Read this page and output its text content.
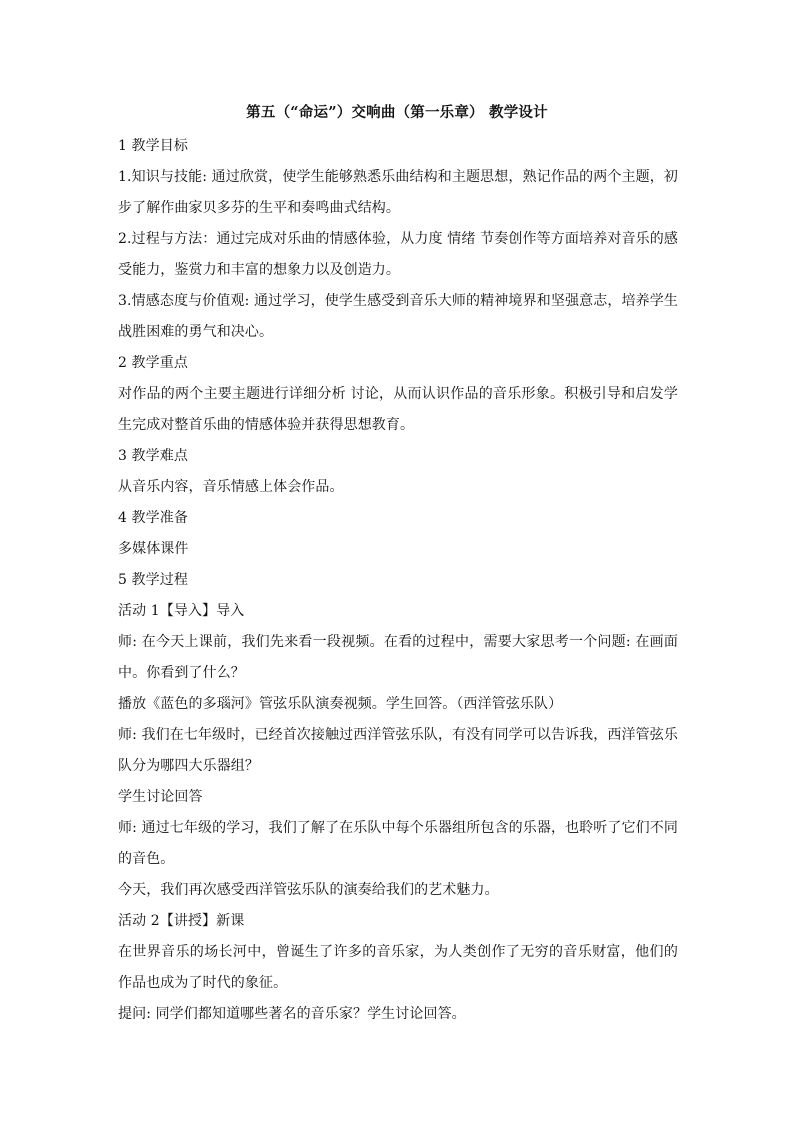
第五（“命运”）交响曲（第一乐章） 教学设计

1 教学目标

1.知识与技能: 通过欣赏，使学生能够熟悉乐曲结构和主题思想，熟记作品的两个主题，初步了解作曲家贝多芬的生平和奏鸣曲式结构。

2.过程与方法：通过完成对乐曲的情感体验，从力度 情绪 节奏创作等方面培养对音乐的感受能力，鉴赏力和丰富的想象力以及创造力。

3.情感态度与价值观: 通过学习，使学生感受到音乐大师的精神境界和坚强意志，培养学生战胜困难的勇气和决心。

2 教学重点

对作品的两个主要主题进行详细分析 讨论，从而认识作品的音乐形象。积极引导和启发学生完成对整首乐曲的情感体验并获得思想教育。

3 教学难点

从音乐内容，音乐情感上体会作品。

4 教学准备

多媒体课件

5 教学过程

活动 1【导入】导入

师: 在今天上课前，我们先来看一段视频。在看的过程中，需要大家思考一个问题: 在画面中。你看到了什么？

播放《蓝色的多瑙河》管弦乐队演奏视频。学生回答。（西洋管弦乐队）

师: 我们在七年级时，已经首次接触过西洋管弦乐队，有没有同学可以告诉我，西洋管弦乐队分为哪四大乐器组？

学生讨论回答

师: 通过七年级的学习，我们了解了在乐队中每个乐器组所包含的乐器，也聆听了它们不同的音色。

今天，我们再次感受西洋管弦乐队的演奏给我们的艺术魅力。

活动 2【讲授】新课

在世界音乐的场长河中，曾诞生了许多的音乐家，为人类创作了无穷的音乐财富，他们的作品也成为了时代的象征。

提问: 同学们都知道哪些著名的音乐家？学生讨论回答。
